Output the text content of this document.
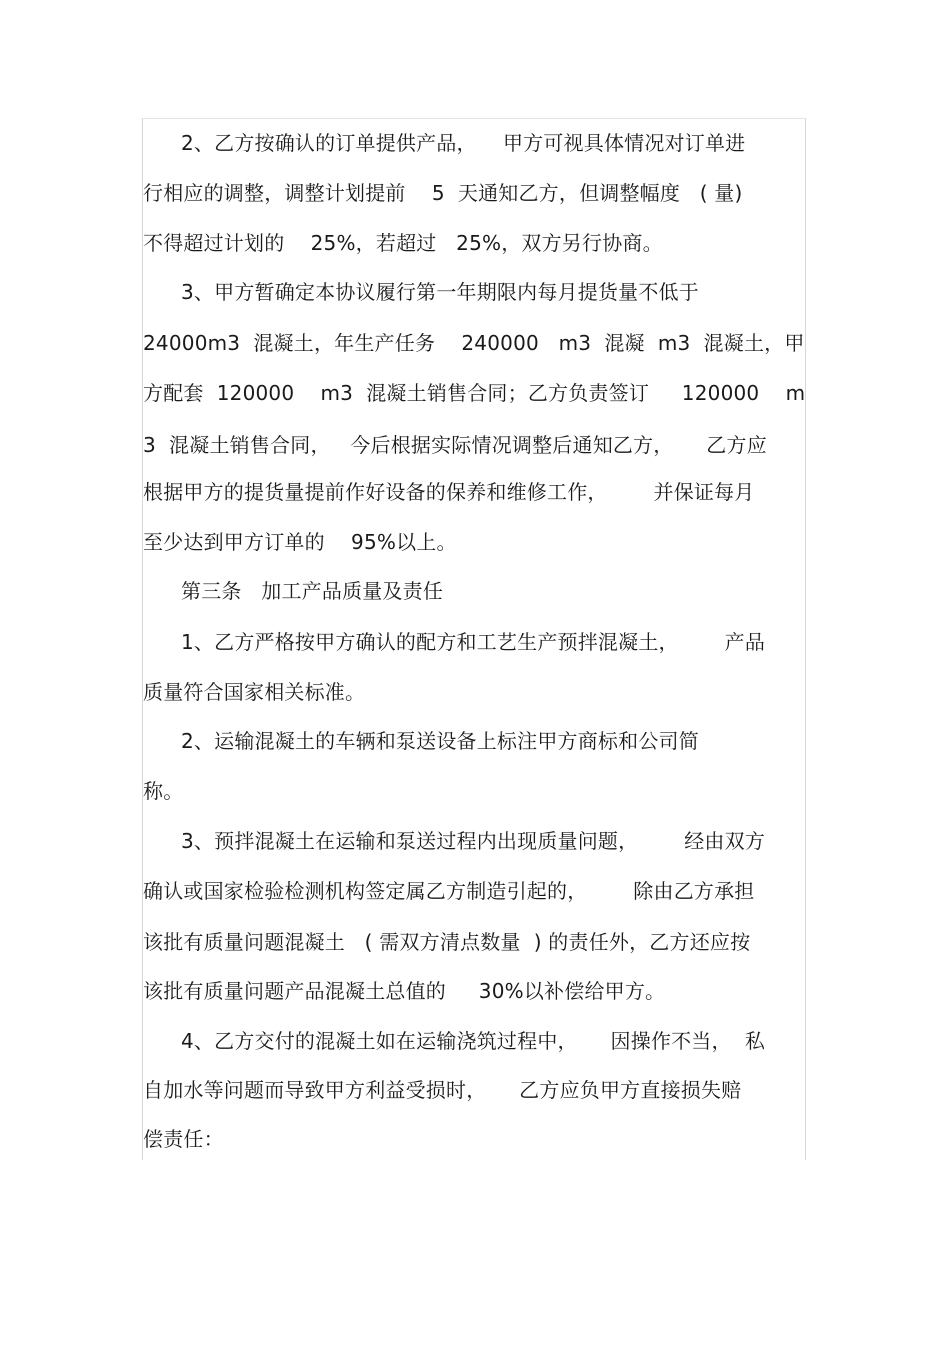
2、乙方按确认的订单提供产品，    甲方可视具体情况对订单进
行相应的调整，调整计划提前    5  天通知乙方，但调整幅度   ( 量)
不得超过计划的    25%，若超过   25%，双方另行协商。
3、甲方暂确定本协议履行第一年期限内每月提货量不低于
24000m3  混凝土，年生产任务    240000   m3  混凝  m3  混凝土，甲
方配套  120000    m3  混凝土销售合同；乙方负责签订     120000    m
3  混凝土销售合同，   今后根据实际情况调整后通知乙方，     乙方应
根据甲方的提货量提前作好设备的保养和维修工作，       并保证每月
至少达到甲方订单的    95%以上。
第三条   加工产品质量及责任
1、乙方严格按甲方确认的配方和工艺生产预拌混凝土，       产品
质量符合国家相关标准。
2、运输混凝土的车辆和泵送设备上标注甲方商标和公司简
称。
3、预拌混凝土在运输和泵送过程内出现质量问题，       经由双方
确认或国家检验检测机构签定属乙方制造引起的，       除由乙方承担
该批有质量问题混凝土   ( 需双方清点数量  ) 的责任外，乙方还应按
该批有质量问题产品混凝土总值的     30%以补偿给甲方。
4、乙方交付的混凝土如在运输浇筑过程中，     因操作不当，  私
自加水等问题而导致甲方利益受损时，     乙方应负甲方直接损失赔
偿责任：
